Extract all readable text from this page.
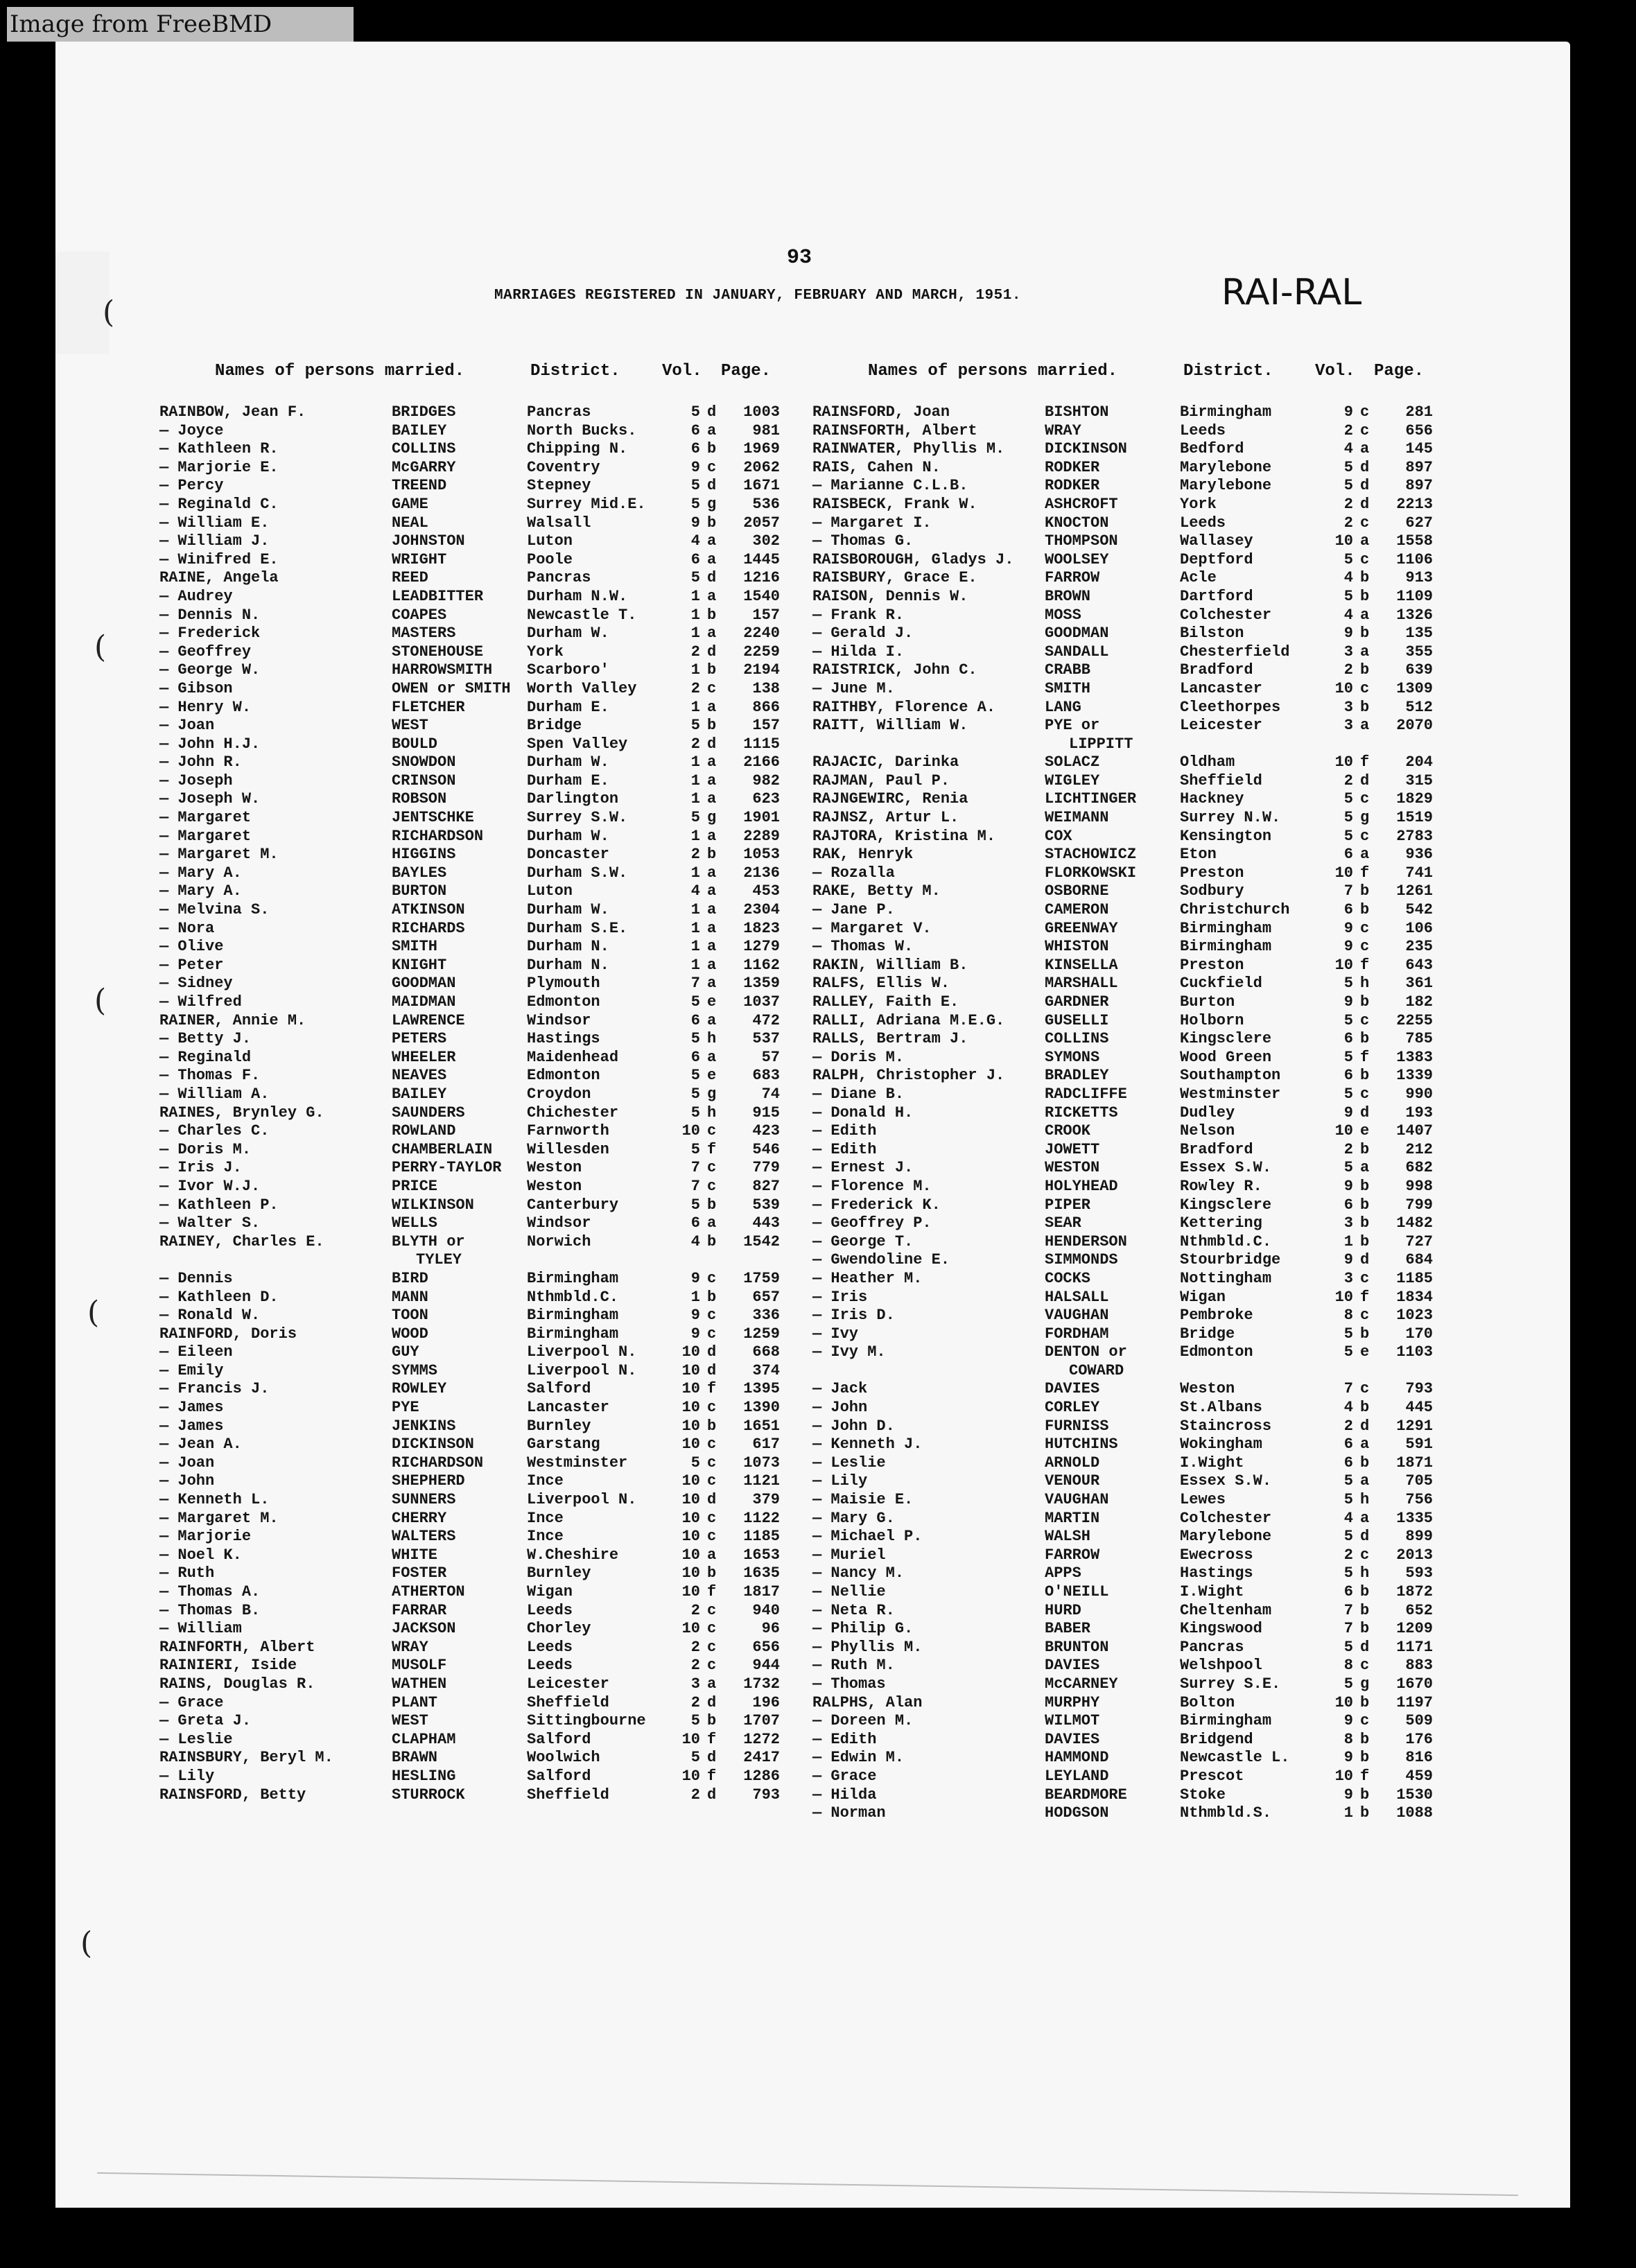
Image from FreeBMD
(
(
(
(
(
93
MARRIAGES REGISTERED IN JANUARY, FEBRUARY AND MARCH, 1951.	RAI-RAL
Names of persons married.	District.	Vol. Page.
RAINBOW, Jean F.	BRIDGES	Pancras	5 d	1003
— Joyce	BAILEY	North Bucks.	6 a	981
— Kathleen R.	COLLINS	Chipping N.	6 b	1969
— Marjorie E.	McGARRY	Coventry	9 c	2062
— Percy	TREEND	Stepney	5 d	1671
— Reginald C.	GAME	Surrey Mid.E.	5 g	536
— William E.	NEAL	Walsall	9 b	2057
— William J.	JOHNSTON	Luton	4 a	302
— Winifred E.	WRIGHT	Poole	6 a	1445
RAINE, Angela	REED	Pancras	5 d	1216
— Audrey	LEADBITTER	Durham N.W.	1 a	1540
— Dennis N.	COAPES	Newcastle T.	1 b	157
— Frederick	MASTERS	Durham W.	1 a	2240
— Geoffrey	STONEHOUSE	York	2 d	2259
— George W.	HARROWSMITH Scarboro'	1 b	2194
— Gibson	OWEN or SMITH Worth Valley	2 c	138
— Henry W.	FLETCHER	Durham E.	1 a	866
— Joan	WEST	Bridge	5 b	157
— John H.J.	BOULD	Spen Valley	2 d	1115
— John R.	SNOWDON	Durham W.	1 a	2166
— Joseph	CRINSON	Durham E.	1 a	982
— Joseph W.	ROBSON	Darlington	1 a	623
— Margaret	JENTSCHKE	Surrey S.W.	5 g	1901
— Margaret	RICHARDSON	Durham W.	1 a	2289
— Margaret M.	HIGGINS	Doncaster	2 b	1053
— Mary A.	BAYLES	Durham S.W.	1 a	2136
— Mary A.	BURTON	Luton	4 a	453
— Melvina S.	ATKINSON	Durham W.	1 a	2304
— Nora	RICHARDS	Durham S.E.	1 a	1823
— Olive	SMITH	Durham N.	1 a	1279
— Peter	KNIGHT	Durham N.	1 a	1162
— Sidney	GOODMAN	Plymouth	7 a	1359
— Wilfred	MAIDMAN	Edmonton	5 e	1037
RAINER, Annie M.	LAWRENCE	Windsor	6 a	472
— Betty J.	PETERS	Hastings	5 h	537
— Reginald	WHEELER	Maidenhead	6 a	57
— Thomas F.	NEAVES	Edmonton	5 e	683
— William A.	BAILEY	Croydon	5 g	74
RAINES, Brynley G.	SAUNDERS	Chichester	5 h	915
— Charles C.	ROWLAND	Farnworth	10 c	423
— Doris M.	CHAMBERLAIN Willesden	5 f	546
— Iris J.	PERRY-TAYLOR Weston	7 c	779
— Ivor W.J.	PRICE	Weston	7 c	827
— Kathleen P.	WILKINSON	Canterbury	5 b	539
— Walter S.	WELLS	Windsor	6 a	443
RAINEY, Charles E.	BLYTH or	Norwich	4 b	1542
TYLEY
— Dennis	BIRD	Birmingham	9 c	1759
— Kathleen D.	MANN	Nthmbld.C.	1 b	657
— Ronald W.	TOON	Birmingham	9 c	336
RAINFORD, Doris	WOOD	Birmingham	9 c	1259
— Eileen	GUY	Liverpool N.	10 d	668
— Emily	SYMMS	Liverpool N.	10 d	374
— Francis J.	ROWLEY	Salford	10 f	1395
— James	PYE	Lancaster	10 c	1390
— James	JENKINS	Burnley	10 b	1651
— Jean A.	DICKINSON	Garstang	10 c	617
— Joan	RICHARDSON	Westminster	5 c	1073
— John	SHEPHERD	Ince	10 c	1121
— Kenneth L.	SUNNERS	Liverpool N.	10 d	379
— Margaret M.	CHERRY	Ince	10 c	1122
— Marjorie	WALTERS	Ince	10 c	1185
— Noel K.	WHITE	W.Cheshire	10 a	1653
— Ruth	FOSTER	Burnley	10 b	1635
— Thomas A.	ATHERTON	Wigan	10 f	1817
— Thomas B.	FARRAR	Leeds	2 c	940
— William	JACKSON	Chorley	10 c	96
RAINFORTH, Albert	WRAY	Leeds	2 c	656
RAINIERI, Iside	MUSOLF	Leeds	2 c	944
RAINS, Douglas R.	WATHEN	Leicester	3 a	1732
— Grace	PLANT	Sheffield	2 d	196
— Greta J.	WEST	Sittingbourne	5 b	1707
— Leslie	CLAPHAM	Salford	10 f	1272
RAINSBURY, Beryl M.	BRAWN	Woolwich	5 d	2417
— Lily	HESLING	Salford	10 f	1286
RAINSFORD, Betty	STURROCK	Sheffield	2 d	793
Names of persons married.	District.	Vol. Page.
RAINSFORD, Joan	BISHTON	Birmingham	9 c	281
RAINSFORTH, Albert	WRAY	Leeds	2 c	656
RAINWATER, Phyllis M.	DICKINSON	Bedford	4 a	145
RAIS, Cahen N.	RODKER	Marylebone	5 d	897
— Marianne C.L.B.	RODKER	Marylebone	5 d	897
RAISBECK, Frank W.	ASHCROFT	York	2 d	2213
— Margaret I.	KNOCTON	Leeds	2 c	627
— Thomas G.	THOMPSON	Wallasey	10 a	1558
RAISBOROUGH, Gladys J. WOOLSEY	Deptford	5 c	1106
RAISBURY, Grace E.	FARROW	Acle	4 b	913
RAISON, Dennis W.	BROWN	Dartford	5 b	1109
— Frank R.	MOSS	Colchester	4 a	1326
— Gerald J.	GOODMAN	Bilston	9 b	135
— Hilda I.	SANDALL	Chesterfield	3 a	355
RAISTRICK, John C.	CRABB	Bradford	2 b	639
— June M.	SMITH	Lancaster	10 c	1309
RAITHBY, Florence A.	LANG	Cleethorpes	3 b	512
RAITT, William W.	PYE or	Leicester	3 a	2070
LIPPITT
RAJACIC, Darinka	SOLACZ	Oldham	10 f	204
RAJMAN, Paul P.	WIGLEY	Sheffield	2 d	315
RAJNGEWIRC, Renia	LICHTINGER	Hackney	5 c	1829
RAJNSZ, Artur L.	WEIMANN	Surrey N.W.	5 g	1519
RAJTORA, Kristina M.	COX	Kensington	5 c	2783
RAK, Henryk	STACHOWICZ	Eton	6 a	936
— Rozalla	FLORKOWSKI	Preston	10 f	741
RAKE, Betty M.	OSBORNE	Sodbury	7 b	1261
— Jane P.	CAMERON	Christchurch	6 b	542
— Margaret V.	GREENWAY	Birmingham	9 c	106
— Thomas W.	WHISTON	Birmingham	9 c	235
RAKIN, William B.	KINSELLA	Preston	10 f	643
RALFS, Ellis W.	MARSHALL	Cuckfield	5 h	361
RALLEY, Faith E.	GARDNER	Burton	9 b	182
RALLI, Adriana M.E.G.	GUSELLI	Holborn	5 c	2255
RALLS, Bertram J.	COLLINS	Kingsclere	6 b	785
— Doris M.	SYMONS	Wood Green	5 f	1383
RALPH, Christopher J.	BRADLEY	Southampton	6 b	1339
— Diane B.	RADCLIFFE	Westminster	5 c	990
— Donald H.	RICKETTS	Dudley	9 d	193
— Edith	CROOK	Nelson	10 e	1407
— Edith	JOWETT	Bradford	2 b	212
— Ernest J.	WESTON	Essex S.W.	5 a	682
— Florence M.	HOLYHEAD	Rowley R.	9 b	998
— Frederick K.	PIPER	Kingsclere	6 b	799
— Geoffrey P.	SEAR	Kettering	3 b	1482
— George T.	HENDERSON	Nthmbld.C.	1 b	727
— Gwendoline E.	SIMMONDS	Stourbridge	9 d	684
— Heather M.	COCKS	Nottingham	3 c	1185
— Iris	HALSALL	Wigan	10 f	1834
— Iris D.	VAUGHAN	Pembroke	8 c	1023
— Ivy	FORDHAM	Bridge	5 b	170
— Ivy M.	DENTON or	Edmonton	5 e	1103
COWARD
— Jack	DAVIES	Weston	7 c	793
— John	CORLEY	St.Albans	4 b	445
— John D.	FURNISS	Staincross	2 d	1291
— Kenneth J.	HUTCHINS	Wokingham	6 a	591
— Leslie	ARNOLD	I.Wight	6 b	1871
— Lily	VENOUR	Essex S.W.	5 a	705
— Maisie E.	VAUGHAN	Lewes	5 h	756
— Mary G.	MARTIN	Colchester	4 a	1335
— Michael P.	WALSH	Marylebone	5 d	899
— Muriel	FARROW	Ewecross	2 c	2013
— Nancy M.	APPS	Hastings	5 h	593
— Nellie	O'NEILL	I.Wight	6 b	1872
— Neta R.	HURD	Cheltenham	7 b	652
— Philip G.	BABER	Kingswood	7 b	1209
— Phyllis M.	BRUNTON	Pancras	5 d	1171
— Ruth M.	DAVIES	Welshpool	8 c	883
— Thomas	McCARNEY	Surrey S.E.	5 g	1670
RALPHS, Alan	MURPHY	Bolton	10 b	1197
— Doreen M.	WILMOT	Birmingham	9 c	509
— Edith	DAVIES	Bridgend	8 b	176
— Edwin M.	HAMMOND	Newcastle L.	9 b	816
— Grace	LEYLAND	Prescot	10 f	459
— Hilda	BEARDMORE	Stoke	9 b	1530
— Norman	HODGSON	Nthmbld.S.	1 b	1088
